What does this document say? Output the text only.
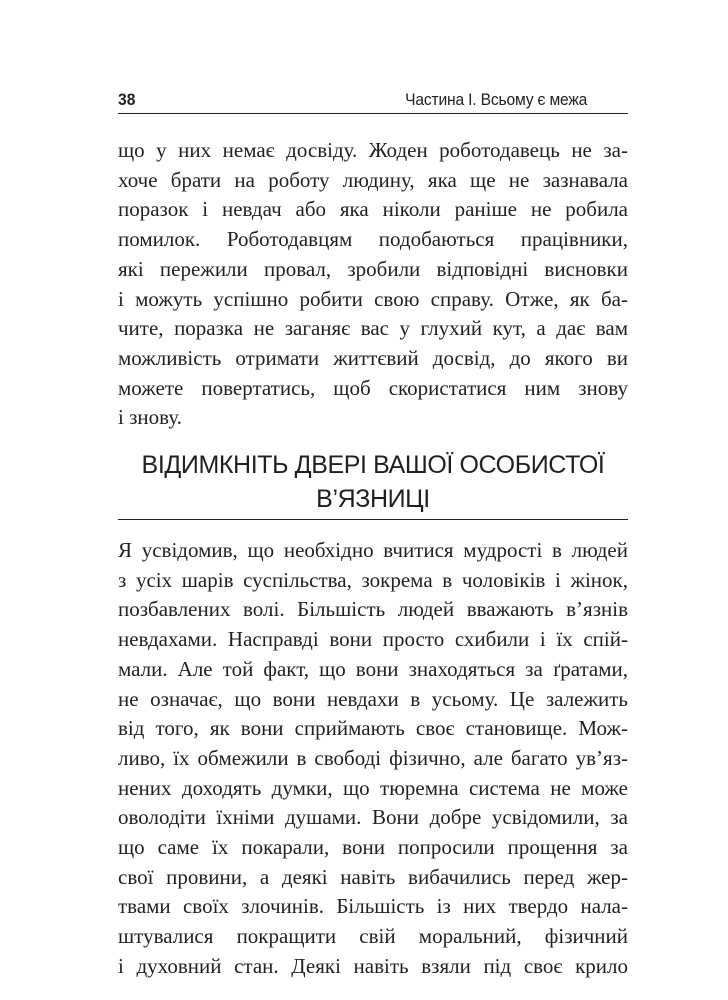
38	Частина І. Всьому є межа
що у них немає досвіду. Жоден роботодавець не за-
хоче брати на роботу людину, яка ще не зазнавала
поразок і невдач або яка ніколи раніше не робила
помилок. Роботодавцям подобаються працівники,
які пережили провал, зробили відповідні висновки
і можуть успішно робити свою справу. Отже, як ба-
чите, поразка не заганяє вас у глухий кут, а дає вам
можливість отримати життєвий досвід, до якого ви
можете повертатись, щоб скористатися ним знову
і знову.
ВІДИМКНІТЬ ДВЕРІ ВАШОЇ ОСОБИСТОЇ
В’ЯЗНИЦІ
Я усвідомив, що необхідно вчитися мудрості в людей
з усіх шарів суспільства, зокрема в чоловіків і жінок,
позбавлених волі. Більшість людей вважають в’язнів
невдахами. Насправді вони просто схибили і їх спій-
мали. Але той факт, що вони знаходяться за ґратами,
не означає, що вони невдахи в усьому. Це залежить
від того, як вони сприймають своє становище. Мож-
ливо, їх обмежили в свободі фізично, але багато ув’яз-
нених доходять думки, що тюремна система не може
оволодіти їхніми душами. Вони добре усвідомили, за
що саме їх покарали, вони попросили прощення за
свої провини, а деякі навіть вибачились перед жер-
твами своїх злочинів. Більшість із них твердо нала-
штувалися покращити свій моральний, фізичний
і духовний стан. Деякі навіть взяли під своє крило
